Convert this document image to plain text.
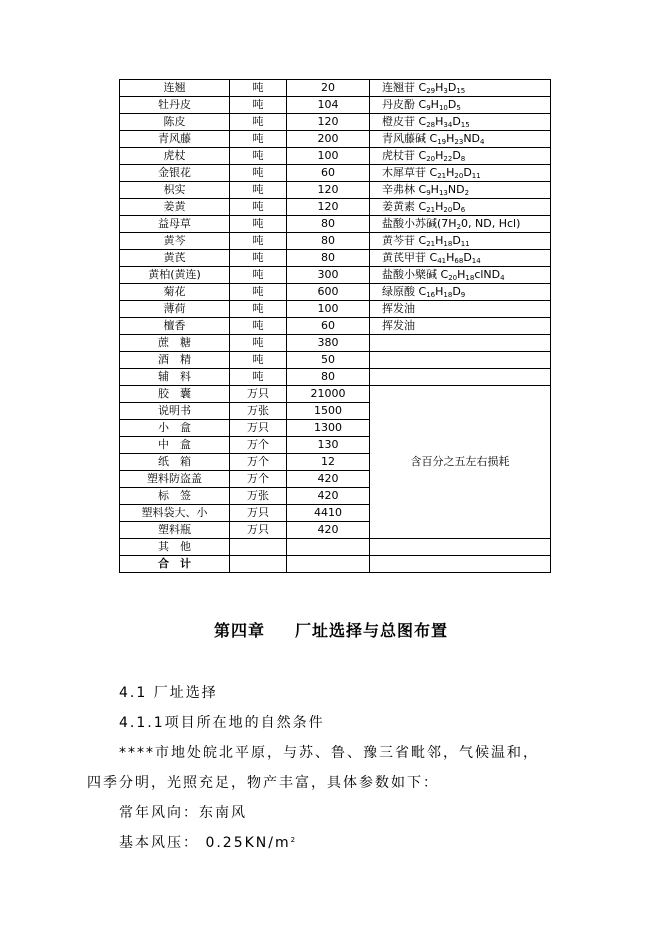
连翘	吨	20	连翘苷 $C_{29}H_3D_{15}$
牡丹皮	吨	104	丹皮酚 $C_9H_{10}D_5$
陈皮	吨	120	橙皮苷 $C_{28}H_{34}D_{15}$
青风藤	吨	200	青风藤碱 $C_{19}H_{23}ND_4$
虎杖	吨	100	虎杖苷 $C_{20}H_{22}D_8$
金银花	吨	60	木犀草苷 $C_{21}H_{20}D_{11}$
枳实	吨	120	辛弗林 $C_9H_{13}ND_2$
姜黄	吨	120	姜黄素 $C_{21}H_{20}D_6$
益母草	吨	80	盐酸小苏碱($7H_20$, ND, Hcl)
黄芩	吨	80	黄芩苷 $C_{21}H_{18}D_{11}$
黄芪	吨	80	黄芪甲苷 $C_{41}H_{68}D_{14}$
黄柏(黄连)	吨	300	盐酸小檗碱 $C_{20}H_{18}clND_4$
菊花	吨	600	绿原酸 $C_{16}H_{18}D_9$
薄荷	吨	100	挥发油
檀香	吨	60	挥发油
蔗　糖	吨	380	
酒　精	吨	50	
辅　料	吨	80	
胶　囊	万只	21000	含百分之五左右损耗
说明书	万张	1500	
小　盒	万只	1300	
中　盒	万个	130	
纸　箱	万个	12	
塑料防盗盖	万个	420	
标　签	万张	420	
塑料袋大、小	万只	4410	
塑料瓶	万只	420	
其　他			
合　计			
第四章 厂址选择与总图布置
4.1 厂址选择
4.1.1项目所在地的自然条件
****市地处皖北平原，与苏、鲁、豫三省毗邻，气候温和，
四季分明，光照充足，物产丰富，具体参数如下：
常年风向：东南风
基本风压： $0.25KN/m^2$
